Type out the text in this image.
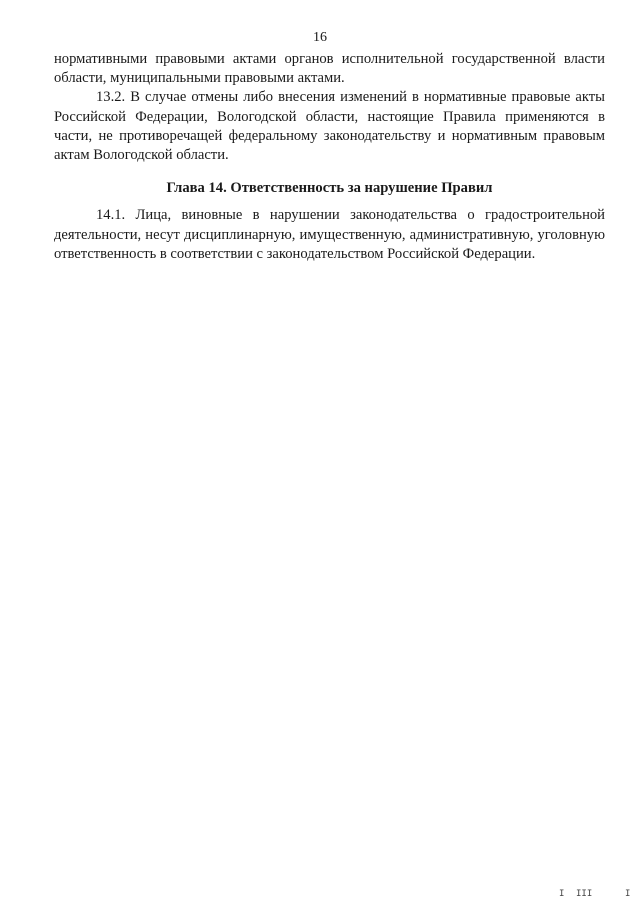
16

нормативными правовыми актами органов исполнительной государственной власти области, муниципальными правовыми актами.

13.2. В случае отмены либо внесения изменений в нормативные правовые акты Российской Федерации, Вологодской области, настоящие Правила применяются в части, не противоречащей федеральному законодательству и нормативным правовым актам Вологодской области.

Глава 14. Ответственность за нарушение Правил

14.1. Лица, виновные в нарушении законодательства о градостроительной деятельности, несут дисциплинарную, имущественную, административную, уголовную ответственность в соответствии с законодательством Российской Федерации.

I III	I
